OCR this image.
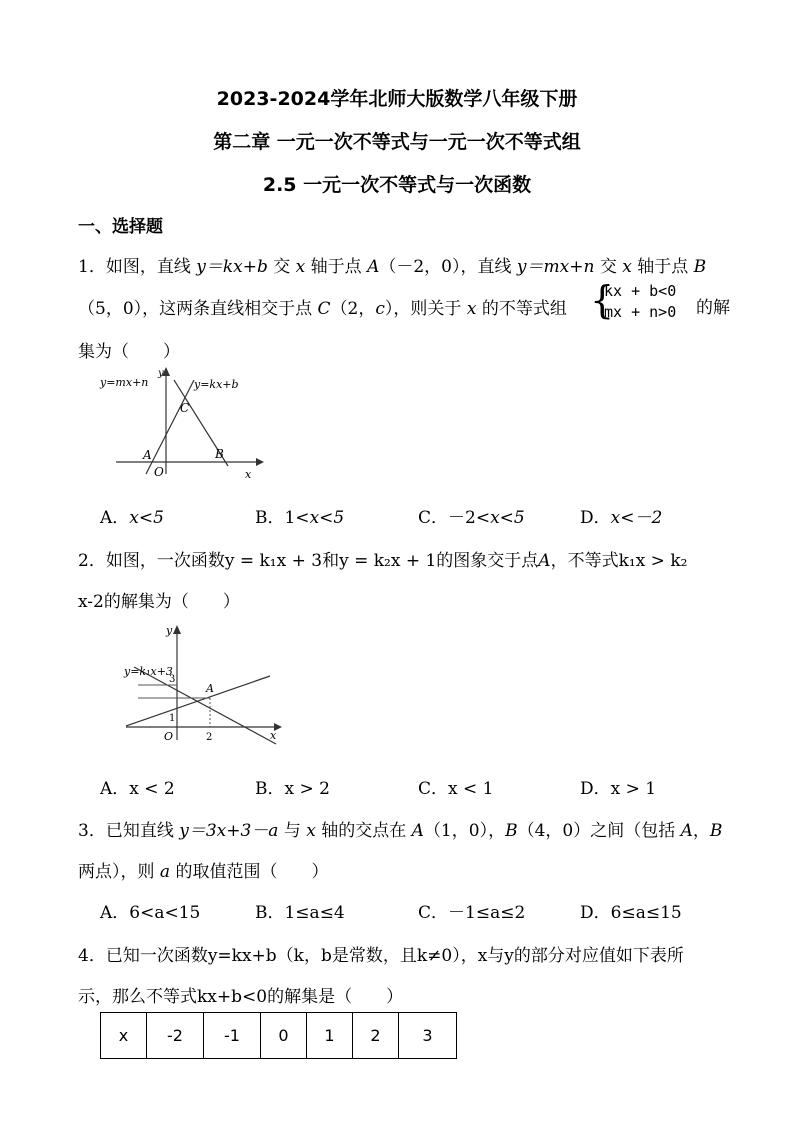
2023-2024学年北师大版数学八年级下册
第二章 一元一次不等式与一元一次不等式组
2.5 一元一次不等式与一次函数
一、选择题
1．如图，直线 y＝kx+b 交 x 轴于点 A（－2，0），直线 y＝mx+n 交 x 轴于点 B
（5，0），这两条直线相交于点 C（2，c），则关于 x 的不等式组 {
kx + b<0
mx + n>0 的解
集为（　　）
y=mx+n	y=kx+b
y
C
A	B
O	x
A．x<5	B．1<x<5	C．－2<x<5	D．x<－2
2．如图，一次函数y = k₁x + 3和y = k₂x + 1的图象交于点A，不等式k₁x > k₂
x-2的解集为（　　）
y=k₁x+3
y
3
A
1
O	2	x
A．x < 2	B．x > 2	C．x < 1	D．x > 1
3．已知直线 y＝3x+3－a 与 x 轴的交点在 A（1，0），B（4，0）之间（包括 A，B
两点），则 a 的取值范围（　　）
A．6<a<15	B．1≤a≤4	C．－1≤a≤2	D．6≤a≤15
4．已知一次函数y=kx+b（k，b是常数，且k≠0），x与y的部分对应值如下表所
示，那么不等式kx+b<0的解集是（　　）
x	-2	-1	0	1	2	3
